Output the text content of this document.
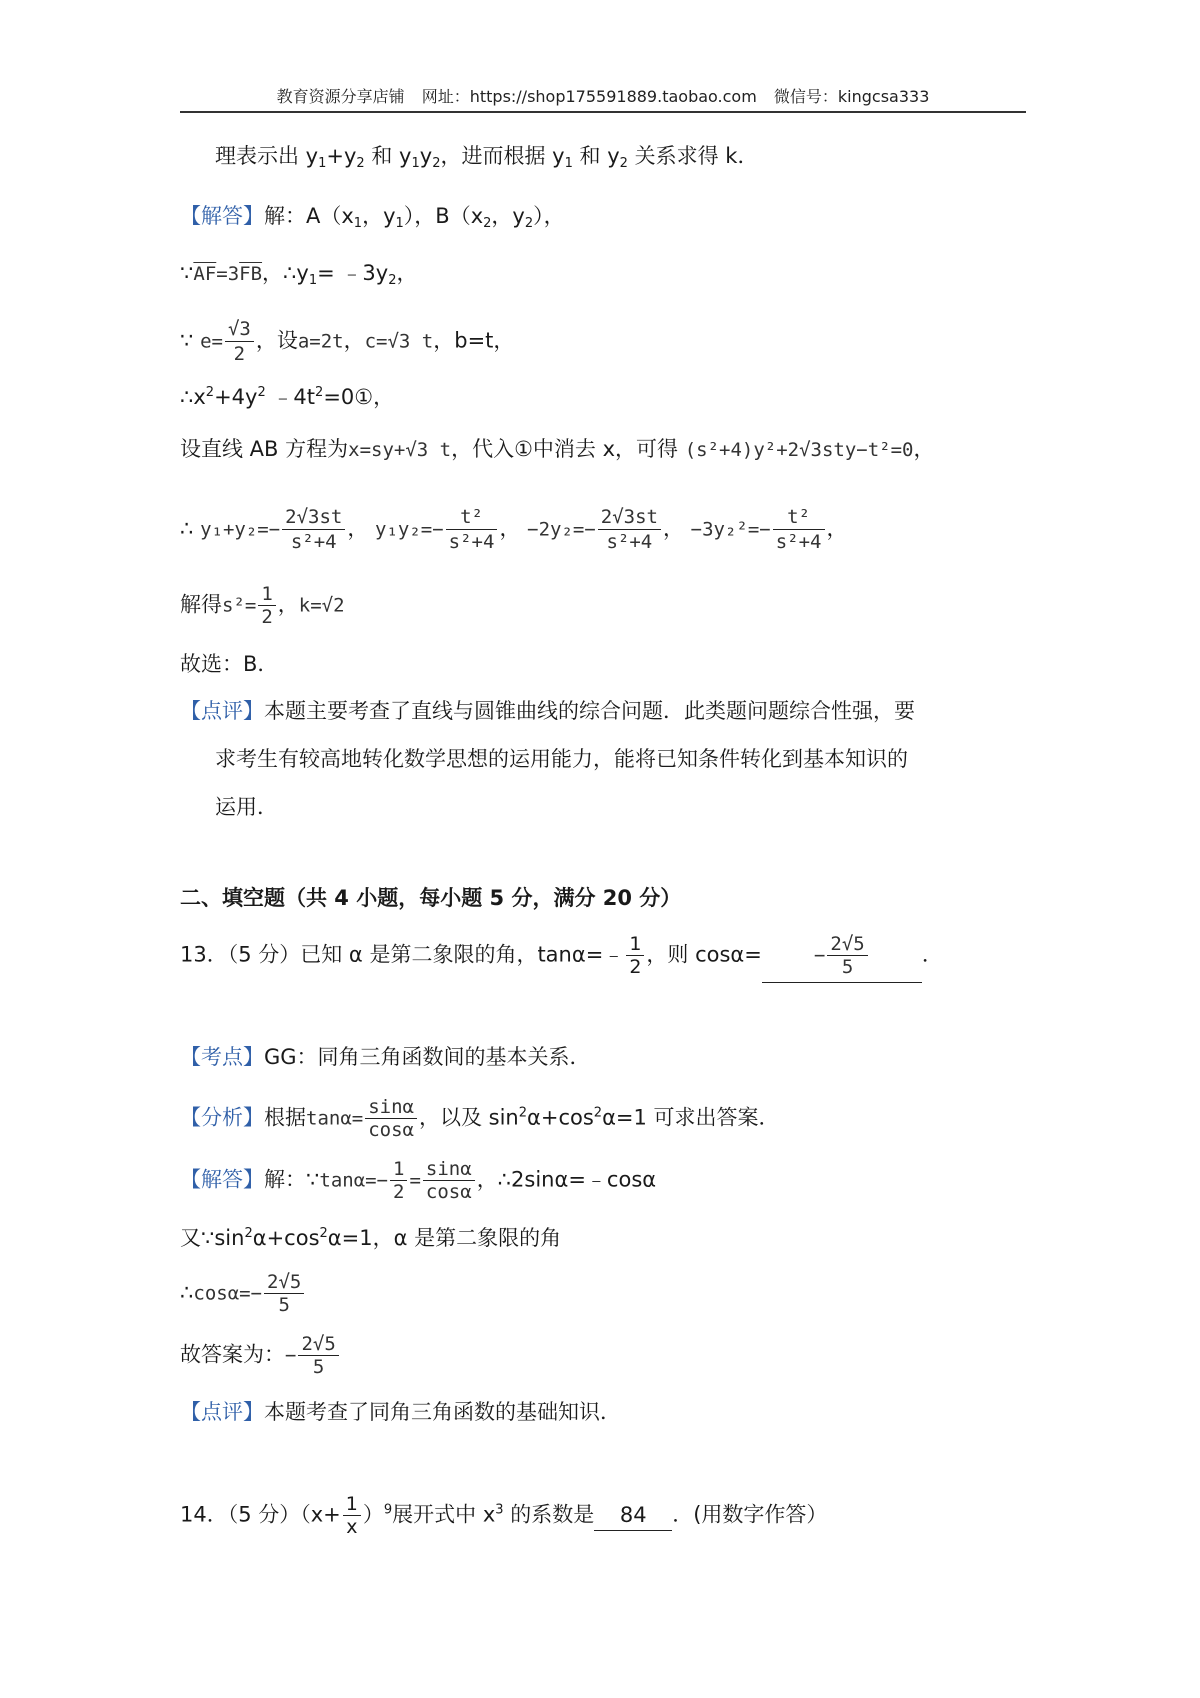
教育资源分享店铺 网址：https://shop175591889.taobao.com 微信号：kingcsa333
理表示出 $y_1+y_2$ 和 $y_1y_2$，进而根据 $y_1$ 和 $y_2$ 关系求得 k．
【解答】解：$A(x_1$，$y_1$），$B(x_2$，$y_2$），
$\because\overline{AF}=3\overline{FB}$，$\therefore y_1=$ $﹣3y_2$，
∵ $e= \frac{√3}{2}$ ，设a=2t，c=√3 t，b=t，
$\therefore x^2+4y^2$ $﹣4t^2=0①$，
设直线 AB 方程为x=sy+√3 t，代入①中消去 x，可得 (s²+4)y²+2√3sty−t²=0，
∴ $y_1+y_2=- \frac{2√3st}{\text{s²+4}}$ ， $y_1y_2=- \frac{\text{t²}}{\text{s²+4}}$ ， $-2y_2=- \frac{2√3st}{\text{s²+4}}$ ， $-3y_2^2=- \frac{\text{t²}}{\text{s²+4}}$ ，
解得$s^2= \frac{1}{2}$ ，k=√2
故选：B．
【点评】本题主要考查了直线与圆锥曲线的综合问题．此类题问题综合性强，要
求考生有较高地转化数学思想的运用能力，能将已知条件转化到基本知识的
运用．
二、填空题（共 4 小题，每小题 5 分，满分 20 分）
13．（5 分）已知 α 是第二象限的角，tanα=﹣ $\frac{1}{2}$ ，则 cosα=	− $\frac{2√5}{5}$	．
【考点】GG：同角三角函数间的基本关系．
【分析】根据$\tan\alpha= \frac{\sin\alpha}{\cos\alpha}$ ，以及 $\sin^2\alpha+\cos^2\alpha=1$ 可求出答案．
【解答】解：∵tanα=− $\frac{1}{2} = \frac{\sin\alpha}{\cos\alpha}$ ，∴2sinα=﹣cosα
又$\because\sin^2\alpha+\cos^2\alpha=1$，α 是第二象限的角
∴cosα=− $\frac{2√5}{5}$
故答案为：− $\frac{2√5}{5}$
【点评】本题考查了同角三角函数的基础知识．
14．（5 分）$(x+ \frac{1}{x} )^9$展开式中 $x^3$ 的系数是 84 ．(用数字作答）
